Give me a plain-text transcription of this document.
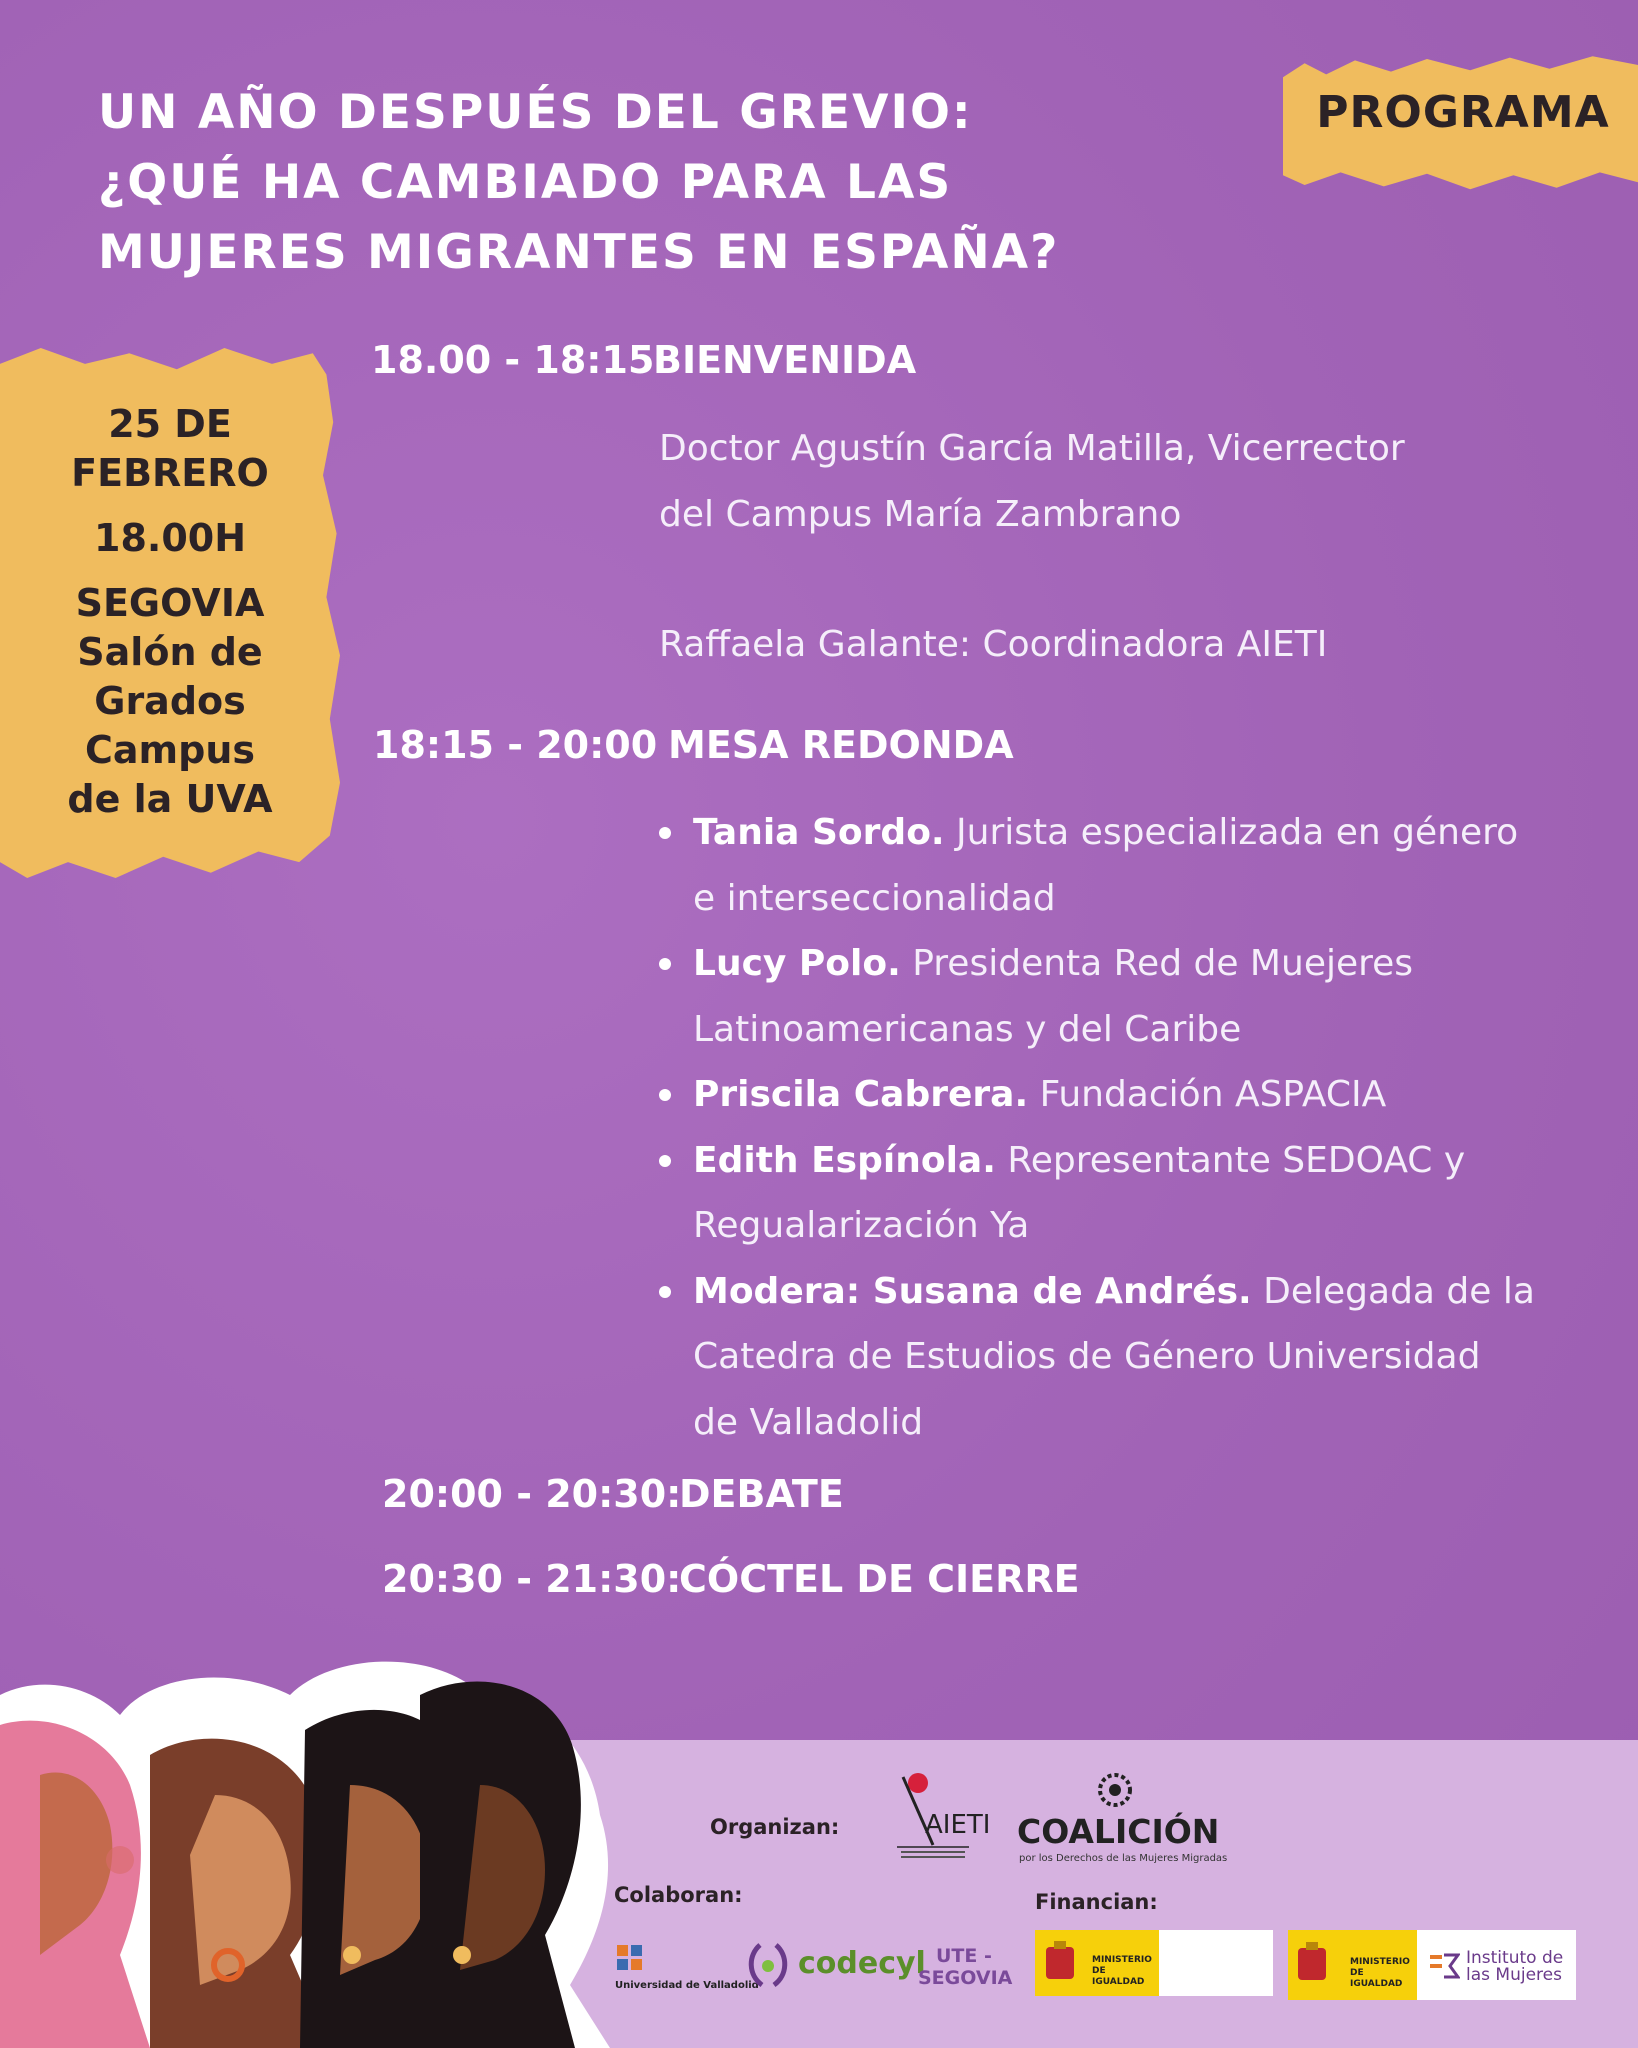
UN AÑO DESPUÉS DEL GREVIO:
¿QUÉ HA CAMBIADO PARA LAS
MUJERES MIGRANTES EN ESPAÑA?
PROGRAMA
25 DE
FEBRERO
18.00H
SEGOVIA
Salón de
Grados
Campus
de la UVA
18.00 - 18:15
BIENVENIDA
Doctor Agustín García Matilla, Vicerrector
del Campus María Zambrano
Raffaela Galante: Coordinadora AIETI
18:15 - 20:00 MESA REDONDA
Tania Sordo. Jurista especializada en género
e interseccionalidad
Lucy Polo. Presidenta Red de Muejeres
Latinoamericanas y del Caribe
Priscila Cabrera. Fundación ASPACIA
Edith Espínola. Representante SEDOAC y
Regualarización Ya
Modera: Susana de Andrés. Delegada de la
Catedra de Estudios de Género Universidad
de Valladolid
20:00 - 20:30:
DEBATE
20:30 - 21:30:
CÓCTEL DE CIERRE
Organizan:
Colaboran:	Financian:
AIETI COALICIÓN
por los Derechos de las Mujeres Migradas
Universidad de Valladolid
codecyl UTE -
SEGOVIA
MINISTERIO DE IGUALDAD
MINISTERIO DE IGUALDAD
Instituto de las Mujeres
